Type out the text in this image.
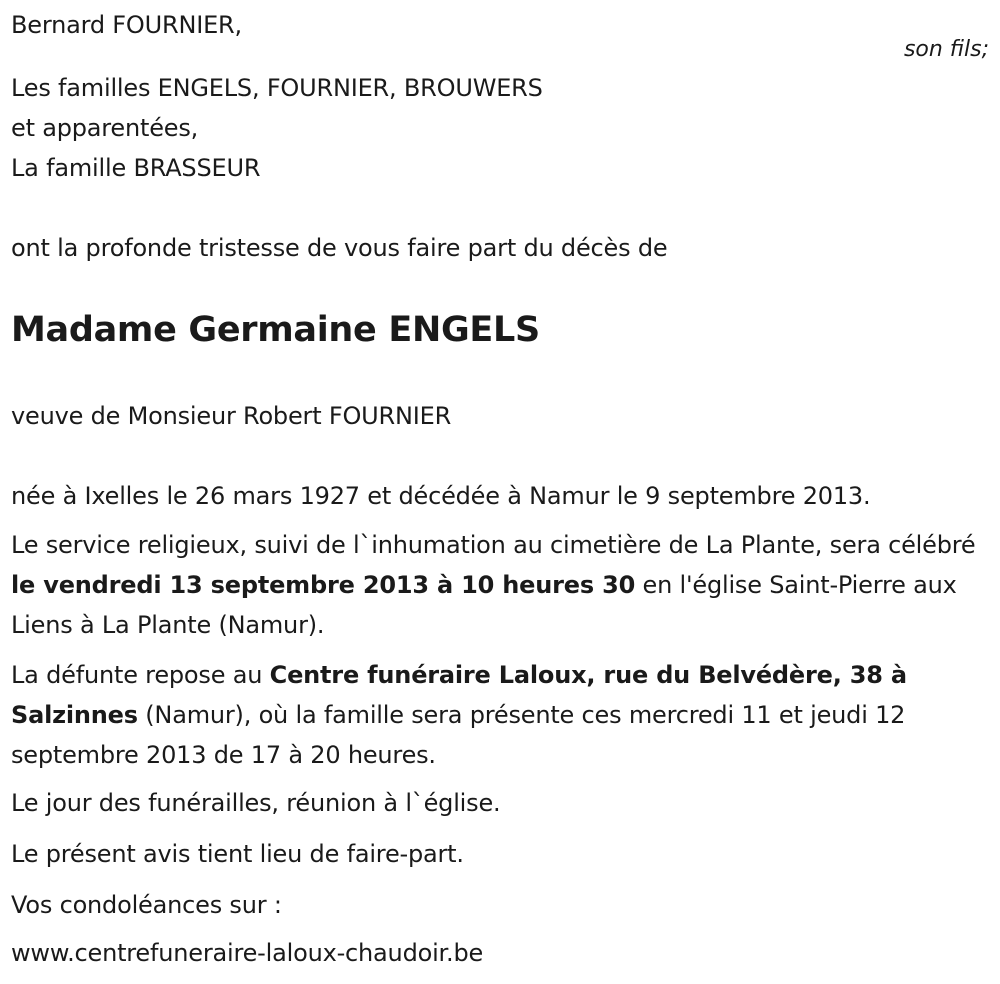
Bernard FOURNIER,
son fils;
Les familles ENGELS, FOURNIER, BROUWERS
et apparentées,
La famille BRASSEUR
ont la profonde tristesse de vous faire part du décès de
Madame Germaine ENGELS
veuve de Monsieur Robert FOURNIER
née à Ixelles le 26 mars 1927 et décédée à Namur le 9 septembre 2013.
Le service religieux, suivi de l`inhumation au cimetière de La Plante, sera célébré le vendredi 13 septembre 2013 à 10 heures 30 en l'église Saint-Pierre aux Liens à La Plante (Namur).
La défunte repose au Centre funéraire Laloux, rue du Belvédère, 38 à Salzinnes (Namur), où la famille sera présente ces mercredi 11 et jeudi 12 septembre 2013 de 17 à 20 heures.
Le jour des funérailles, réunion à l`église.
Le présent avis tient lieu de faire-part.
Vos condoléances sur :
www.centrefuneraire-laloux-chaudoir.be
